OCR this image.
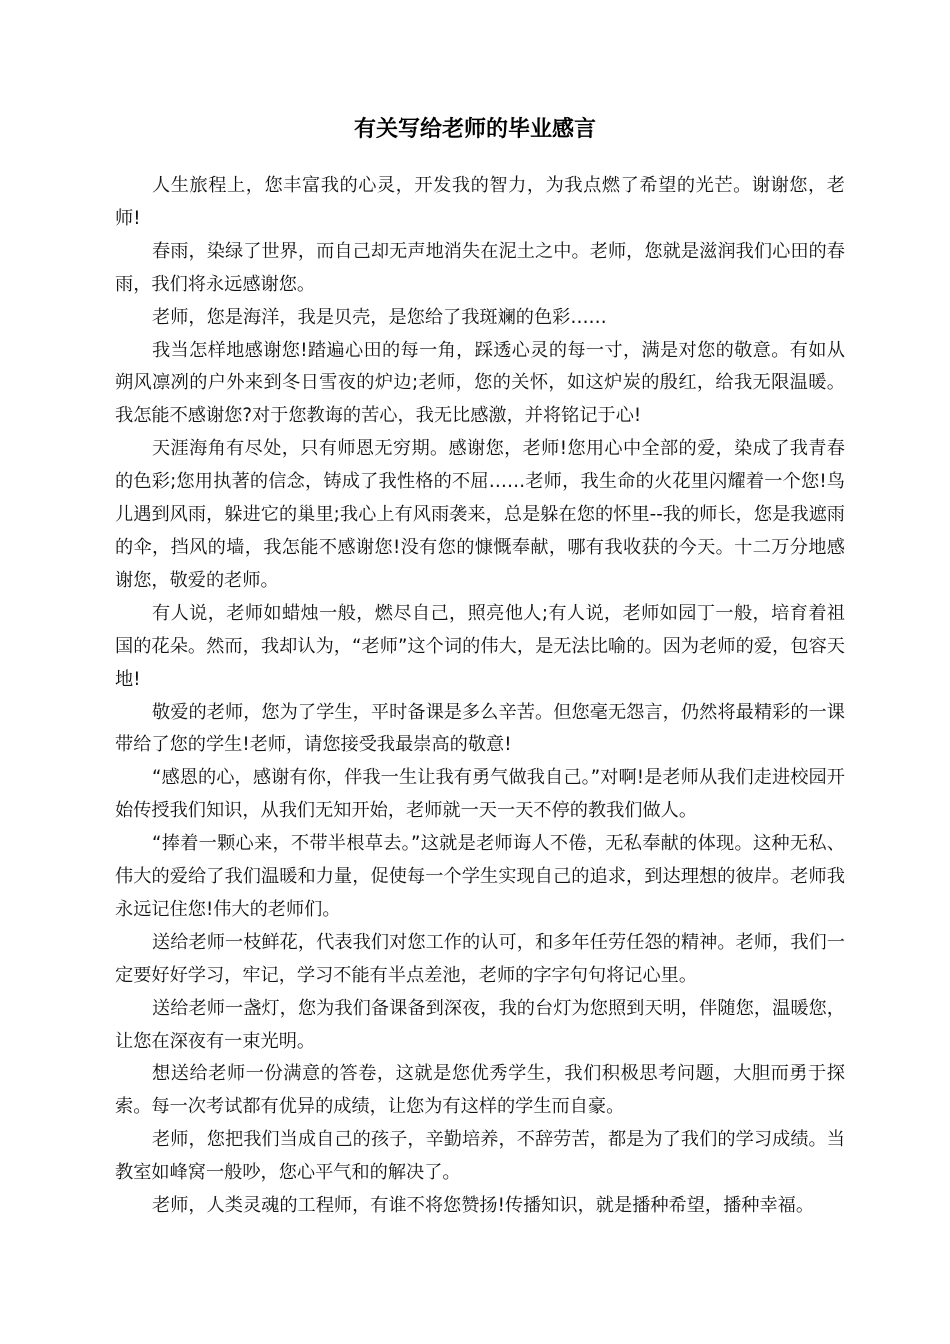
有关写给老师的毕业感言

人生旅程上，您丰富我的心灵，开发我的智力，为我点燃了希望的光芒。谢谢您，老师!

春雨，染绿了世界，而自己却无声地消失在泥土之中。老师，您就是滋润我们心田的春雨，我们将永远感谢您。

老师，您是海洋，我是贝壳，是您给了我斑斓的色彩……

我当怎样地感谢您!踏遍心田的每一角，踩透心灵的每一寸，满是对您的敬意。有如从朔风凛冽的户外来到冬日雪夜的炉边;老师，您的关怀，如这炉炭的殷红，给我无限温暖。我怎能不感谢您?对于您教诲的苦心，我无比感激，并将铭记于心!

天涯海角有尽处，只有师恩无穷期。感谢您，老师!您用心中全部的爱，染成了我青春的色彩;您用执著的信念，铸成了我性格的不屈……老师，我生命的火花里闪耀着一个您!鸟儿遇到风雨，躲进它的巢里;我心上有风雨袭来，总是躲在您的怀里--我的师长，您是我遮雨的伞，挡风的墙，我怎能不感谢您!没有您的慷慨奉献，哪有我收获的今天。十二万分地感谢您，敬爱的老师。

有人说，老师如蜡烛一般，燃尽自己，照亮他人;有人说，老师如园丁一般，培育着祖国的花朵。然而，我却认为，“老师”这个词的伟大，是无法比喻的。因为老师的爱，包容天地!

敬爱的老师，您为了学生，平时备课是多么辛苦。但您毫无怨言，仍然将最精彩的一课带给了您的学生!老师，请您接受我最崇高的敬意!

“感恩的心，感谢有你，伴我一生让我有勇气做我自己。”对啊!是老师从我们走进校园开始传授我们知识，从我们无知开始，老师就一天一天不停的教我们做人。

“捧着一颗心来，不带半根草去。”这就是老师诲人不倦，无私奉献的体现。这种无私、伟大的爱给了我们温暖和力量，促使每一个学生实现自己的追求，到达理想的彼岸。老师我永远记住您!伟大的老师们。

送给老师一枝鲜花，代表我们对您工作的认可，和多年任劳任怨的精神。老师，我们一定要好好学习，牢记，学习不能有半点差池，老师的字字句句将记心里。

送给老师一盏灯，您为我们备课备到深夜，我的台灯为您照到天明，伴随您，温暖您，让您在深夜有一束光明。

想送给老师一份满意的答卷，这就是您优秀学生，我们积极思考问题，大胆而勇于探索。每一次考试都有优异的成绩，让您为有这样的学生而自豪。

老师，您把我们当成自己的孩子，辛勤培养，不辞劳苦，都是为了我们的学习成绩。当教室如峰窝一般吵，您心平气和的解决了。

老师，人类灵魂的工程师，有谁不将您赞扬!传播知识，就是播种希望，播种幸福。
